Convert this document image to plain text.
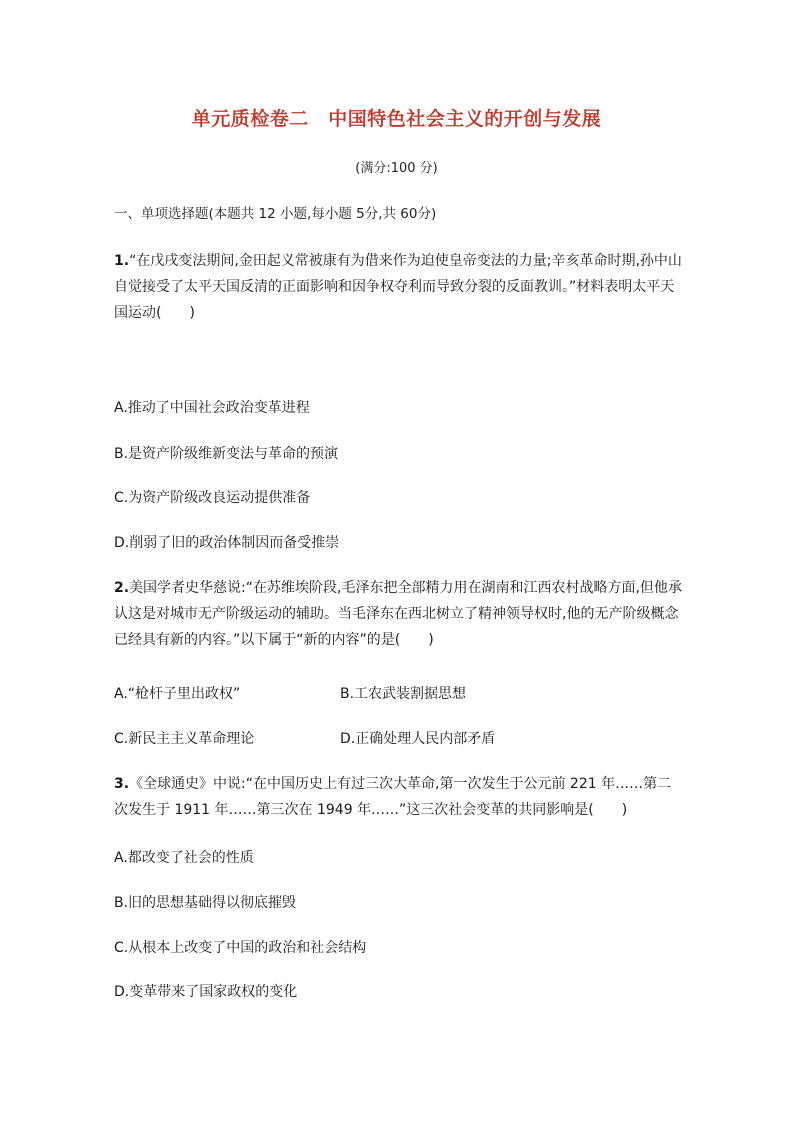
单元质检卷二　中国特色社会主义的开创与发展
(满分:100 分)
一、单项选择题(本题共 12 小题,每小题 5分,共 60分)
1.“在戊戌变法期间,金田起义常被康有为借来作为迫使皇帝变法的力量;辛亥革命时期,孙中山自觉接受了太平天国反清的正面影响和因争权夺利而导致分裂的反面教训。”材料表明太平天国运动(　　)
A.推动了中国社会政治变革进程
B.是资产阶级维新变法与革命的预演
C.为资产阶级改良运动提供准备
D.削弱了旧的政治体制因而备受推崇
2.美国学者史华慈说:“在苏维埃阶段,毛泽东把全部精力用在湖南和江西农村战略方面,但他承认这是对城市无产阶级运动的辅助。当毛泽东在西北树立了精神领导权时,他的无产阶级概念已经具有新的内容。”以下属于“新的内容”的是(　　)
A.“枪杆子里出政权”	B.工农武装割据思想
C.新民主主义革命理论	D.正确处理人民内部矛盾
3.《全球通史》中说:“在中国历史上有过三次大革命,第一次发生于公元前 221 年……第二次发生于 1911 年……第三次在 1949 年……”这三次社会变革的共同影响是(　　)
A.都改变了社会的性质
B.旧的思想基础得以彻底摧毁
C.从根本上改变了中国的政治和社会结构
D.变革带来了国家政权的变化
